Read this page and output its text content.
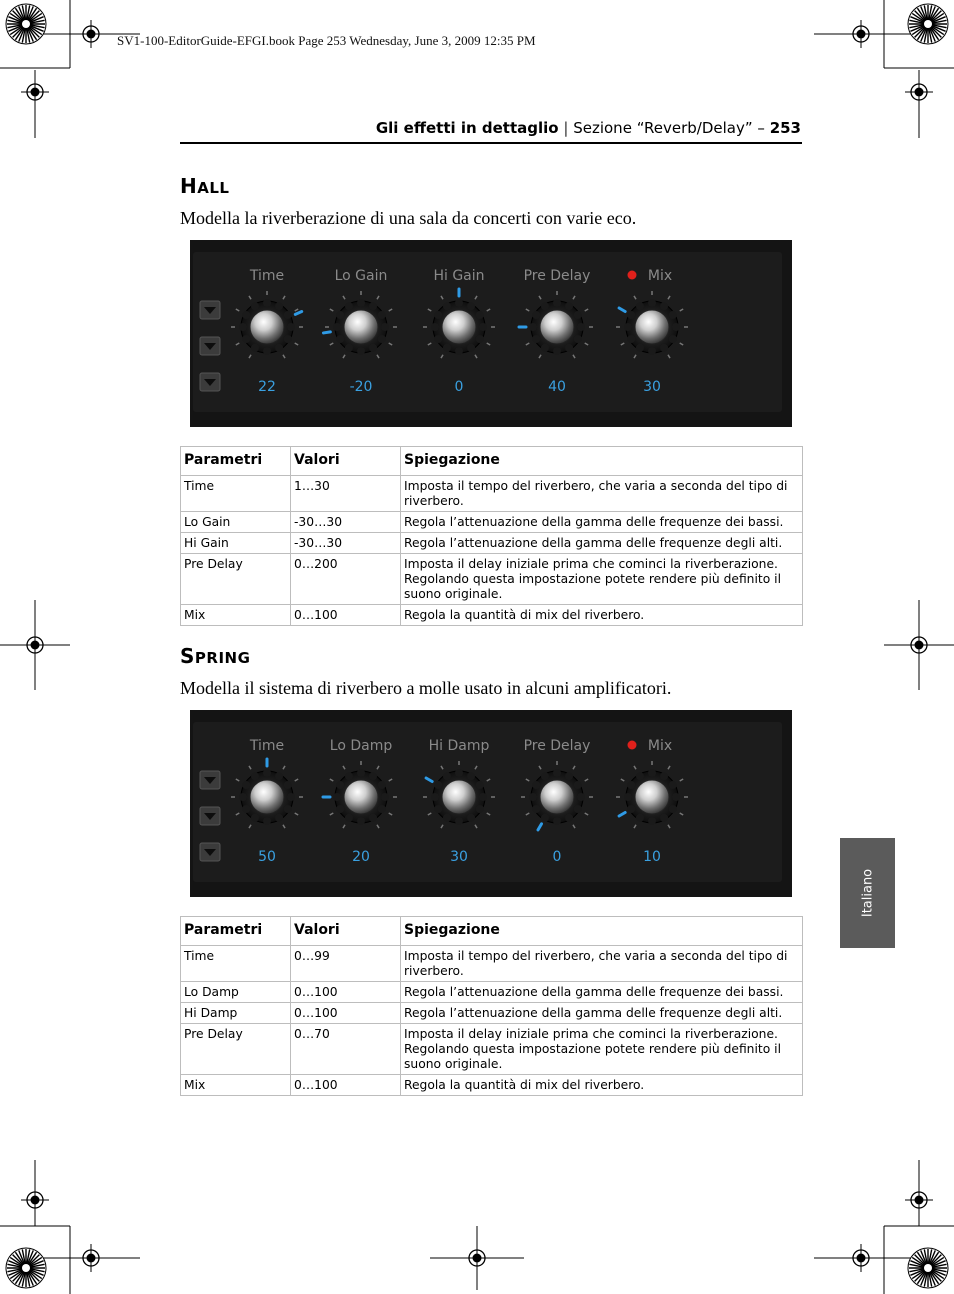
SV1-100-EditorGuide-EFGI.book Page 253 Wednesday, June 3, 2009 12:35 PM
Gli effetti in dettaglio | Sezione “Reverb/Delay” – 253
HALL
Modella la riverberazione di una sala da concerti con varie eco.
Time
22
Lo Gain
-20
Hi Gain
0
Pre Delay
40
Mix
30
Parametri	Valori	Spiegazione
Time	1…30	Imposta il tempo del riverbero, che varia a seconda del tipo di riverbero.
Lo Gain	-30…30	Regola l’attenuazione della gamma delle frequenze dei bassi.
Hi Gain	-30…30	Regola l’attenuazione della gamma delle frequenze degli alti.
Pre Delay	0…200	Imposta il delay iniziale prima che cominci la riverberazione. Regolando questa impostazione potete rendere più definito il suono originale.
Mix	0…100	Regola la quantità di mix del riverbero.
SPRING
Modella il sistema di riverbero a molle usato in alcuni amplificatori.
Time
50
Lo Damp
20
Hi Damp
30
Pre Delay
0
Mix
10
Parametri	Valori	Spiegazione
Time	0…99	Imposta il tempo del riverbero, che varia a seconda del tipo di riverbero.
Lo Damp	0…100	Regola l’attenuazione della gamma delle frequenze dei bassi.
Hi Damp	0…100	Regola l’attenuazione della gamma delle frequenze degli alti.
Pre Delay	0…70	Imposta il delay iniziale prima che cominci la riverberazione. Regolando questa impostazione potete rendere più definito il suono originale.
Mix	0…100	Regola la quantità di mix del riverbero.
Italiano
